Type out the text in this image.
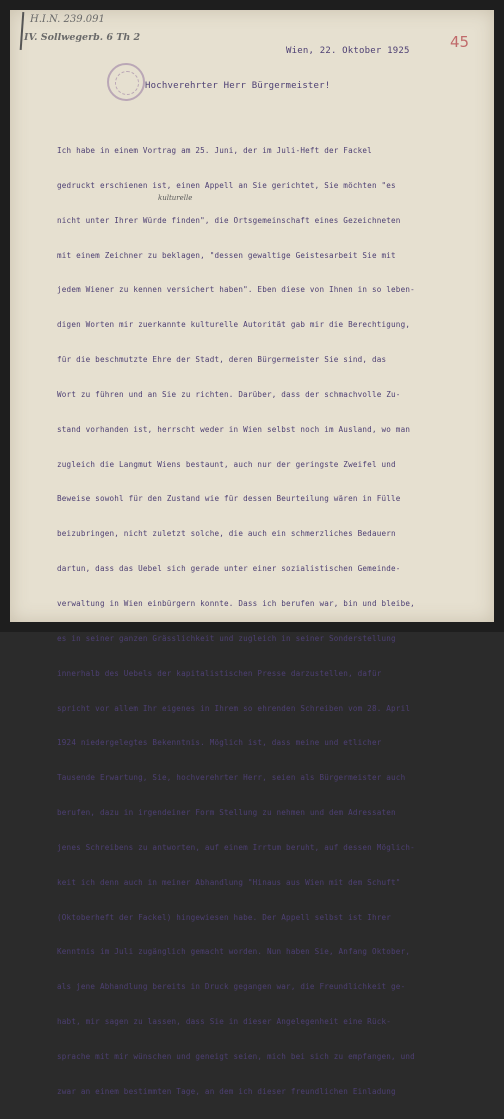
H.I.N. 239.091
IV. Sollwegerb. 6 Th 2	45
Wien, 22. Oktober 1925
Hochverehrter Herr Bürgermeister!
kulturelle

Ich habe in einem Vortrag am 25. Juni, der im Juli-Heft der Fackel

gedruckt erschienen ist, einen Appell an Sie gerichtet, Sie möchten "es

nicht unter Ihrer Würde finden", die Ortsgemeinschaft eines Gezeichneten

mit einem Zeichner zu beklagen, "dessen gewaltige Geistesarbeit Sie mit

jedem Wiener zu kennen versichert haben". Eben diese von Ihnen in so leben-

digen Worten mir zuerkannte kulturelle Autorität gab mir die Berechtigung,

für die beschmutzte Ehre der Stadt, deren Bürgermeister Sie sind, das

Wort zu führen und an Sie zu richten. Darüber, dass der schmachvolle Zu-

stand vorhanden ist, herrscht weder in Wien selbst noch im Ausland, wo man

zugleich die Langmut Wiens bestaunt, auch nur der geringste Zweifel und

Beweise sowohl für den Zustand wie für dessen Beurteilung wären in Fülle

beizubringen, nicht zuletzt solche, die auch ein schmerzliches Bedauern

dartun, dass das Uebel sich gerade unter einer sozialistischen Gemeinde-

verwaltung in Wien einbürgern konnte. Dass ich berufen war, bin und bleibe,

es in seiner ganzen Grässlichkeit und zugleich in seiner Sonderstellung

innerhalb des Uebels der kapitalistischen Presse darzustellen, dafür

spricht vor allem Ihr eigenes in Ihrem so ehrenden Schreiben vom 28. April

1924 niedergelegtes Bekenntnis. Möglich ist, dass meine und etlicher

Tausende Erwartung, Sie, hochverehrter Herr, seien als Bürgermeister auch

berufen, dazu in irgendeiner Form Stellung zu nehmen und dem Adressaten

jenes Schreibens zu antworten, auf einem Irrtum beruht, auf dessen Möglich-

keit ich denn auch in meiner Abhandlung "Hinaus aus Wien mit dem Schuft"

(Oktoberheft der Fackel) hingewiesen habe. Der Appell selbst ist Ihrer

Kenntnis im Juli zugänglich gemacht worden. Nun haben Sie, Anfang Oktober,

als jene Abhandlung bereits in Druck gegangen war, die Freundlichkeit ge-

habt, mir sagen zu lassen, dass Sie in dieser Angelegenheit eine Rück-

sprache mit mir wünschen und geneigt seien, mich bei sich zu empfangen, und

zwar an einem bestimmten Tage, an dem ich dieser freundlichen Einladung
